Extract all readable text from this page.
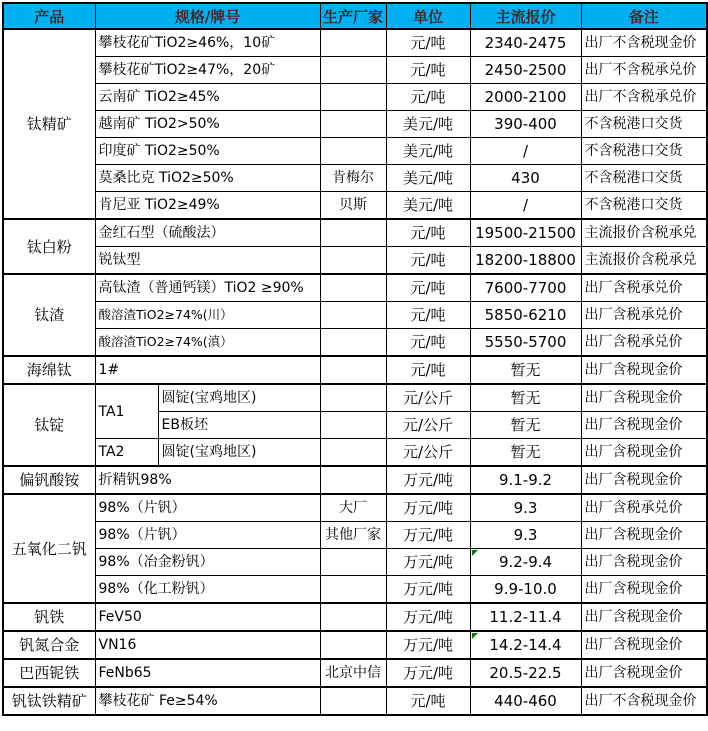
产品	规格/牌号		生产厂家	单位	主流报价	备注
钛精矿	攀枝花矿TiO2≥46%，10矿			元/吨	2340-2475	出厂不含税现金价
	攀枝花矿TiO2≥47%，20矿			元/吨	2450-2500	出厂不含税承兑价
	云南矿 TiO2≥45%			元/吨	2000-2100	出厂不含税承兑价
	越南矿 TiO2>50%			美元/吨	390-400	不含税港口交货
	印度矿 TiO2≥50%			美元/吨	/	不含税港口交货
	莫桑比克 TiO2≥50%		肯梅尔	美元/吨	430	不含税港口交货
	肯尼亚 TiO2≥49%		贝斯	美元/吨	/	不含税港口交货
钛白粉	金红石型（硫酸法）			元/吨	19500-21500	主流报价含税承兑
	锐钛型			元/吨	18200-18800	主流报价含税承兑
钛渣	高钛渣（普通钙镁）TiO2 ≥90%			元/吨	7600-7700	出厂含税承兑价
	酸溶渣TiO2≥74%(川）			元/吨	5850-6210	出厂含税承兑价
	酸溶渣TiO2≥74%(滇）			元/吨	5550-5700	出厂含税承兑价
海绵钛	1#			元/吨	暂无	出厂含税现金价
钛锭	TA1	圆锭(宝鸡地区)		元/公斤	暂无	出厂含税现金价
		EB板坯		元/公斤	暂无	出厂含税现金价
	TA2	圆锭(宝鸡地区)		元/公斤	暂无	出厂含税现金价
偏钒酸铵	折精钒98%			万元/吨	9.1-9.2	出厂含税现金价
五氧化二钒	98%（片钒）		大厂	万元/吨	9.3	出厂含税承兑价
	98%（片钒）		其他厂家	万元/吨	9.3	出厂含税现金价
	98%（冶金粉钒）			万元/吨	9.2-9.4	出厂含税现金价
	98%（化工粉钒）			万元/吨	9.9-10.0	出厂含税现金价
钒铁	FeV50			万元/吨	11.2-11.4	出厂含税现金价
钒氮合金	VN16			万元/吨	14.2-14.4	出厂含税现金价
巴西铌铁	FeNb65		北京中信	万元/吨	20.5-22.5	出厂含税现金价
钒钛铁精矿	攀枝花矿 Fe≥54%			元/吨	440-460	出厂不含税现金价
